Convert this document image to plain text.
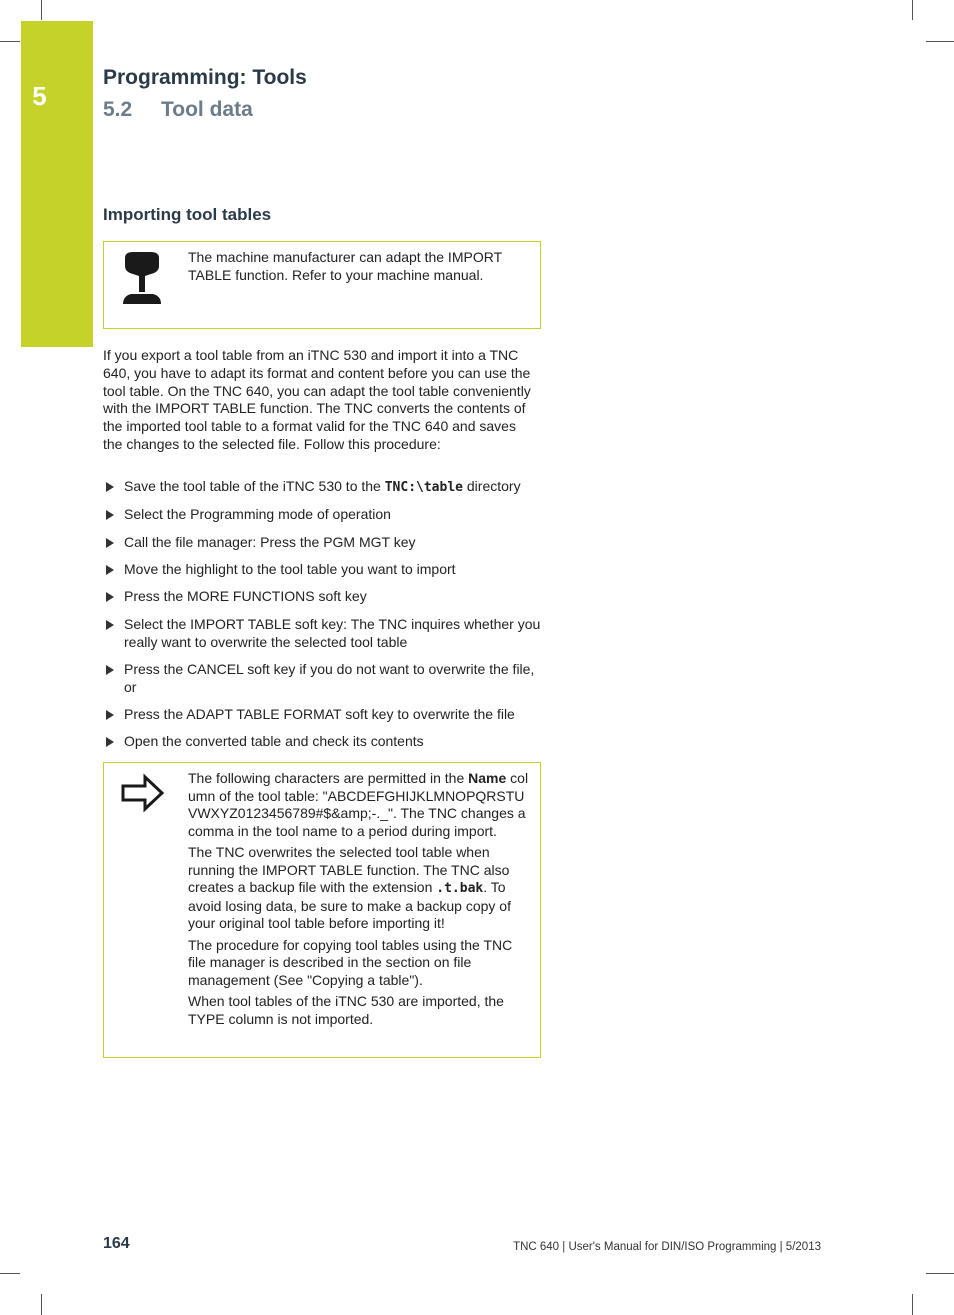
5
Programming: Tools
5.2 Tool data
Importing tool tables

The machine manufacturer can adapt the IMPORT TABLE function. Refer to your machine manual.

If you export a tool table from an iTNC 530 and import it into a TNC 640, you have to adapt its format and content before you can use the tool table. On the TNC 640, you can adapt the tool table conveniently with the IMPORT TABLE function. The TNC converts the contents of the imported tool table to a format valid for the TNC 640 and saves the changes to the selected file. Follow this procedure:

Save the tool table of the iTNC 530 to the TNC:\table directory
Select the Programming mode of operation
Call the file manager: Press the PGM MGT key
Move the highlight to the tool table you want to import
Press the MORE FUNCTIONS soft key
Select the IMPORT TABLE soft key: The TNC inquires whether you really want to overwrite the selected tool table
Press the CANCEL soft key if you do not want to overwrite the file, or
Press the ADAPT TABLE FORMAT soft key to overwrite the file
Open the converted table and check its contents

The following characters are permitted in the Name column of the tool table: "ABCDEFGHIJKLMNOPQRSTUVWXYZ0123456789#$&amp;-._". The TNC changes a comma in the tool name to a period during import.

The TNC overwrites the selected tool table when running the IMPORT TABLE function. The TNC also creates a backup file with the extension .t.bak. To avoid losing data, be sure to make a backup copy of your original tool table before importing it!

The procedure for copying tool tables using the TNC file manager is described in the section on file management (See "Copying a table").

When tool tables of the iTNC 530 are imported, the TYPE column is not imported.

164	TNC 640 | User's Manual for DIN/ISO Programming | 5/2013
